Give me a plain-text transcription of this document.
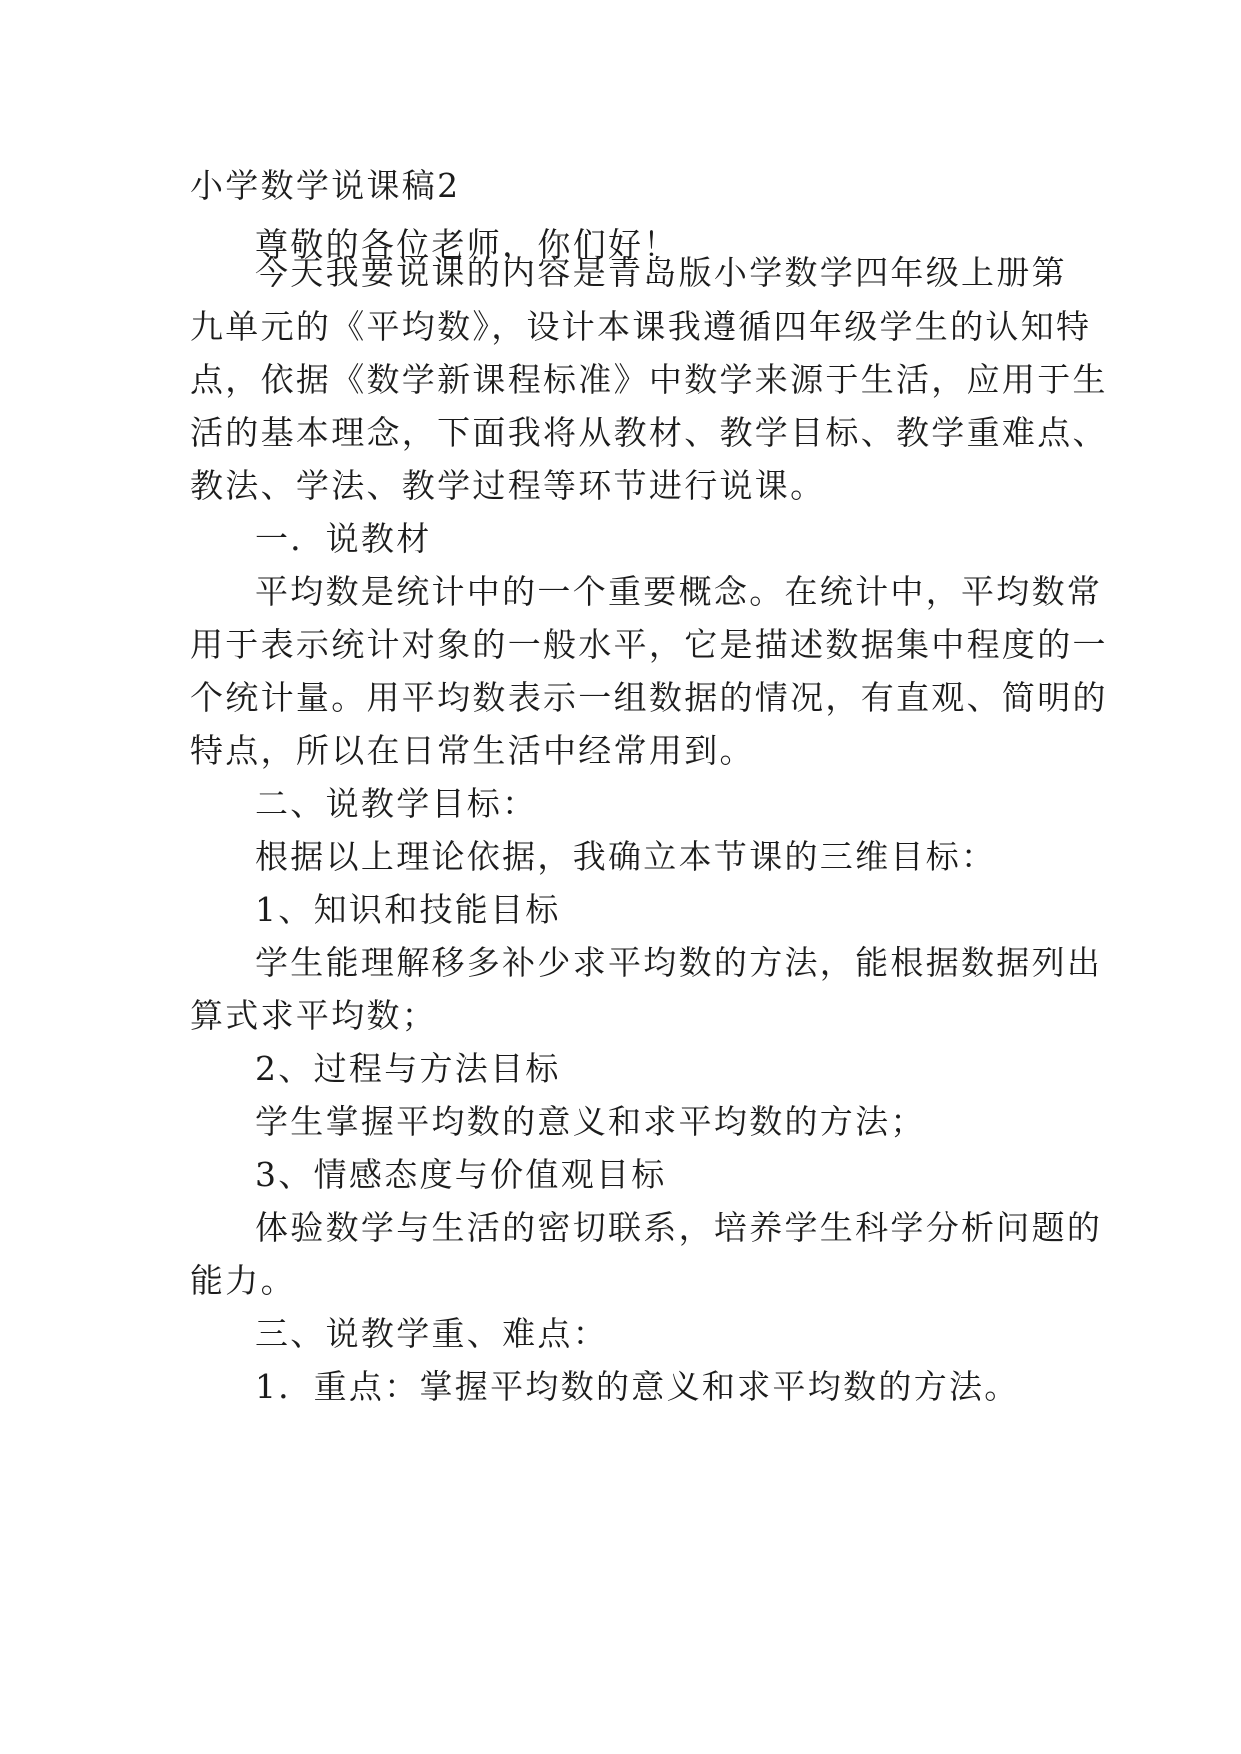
小学数学说课稿2

尊敬的各位老师，你们好！

今天我要说课的内容是青岛版小学数学四年级上册第

九单元的《平均数》，设计本课我遵循四年级学生的认知特

点，依据《数学新课程标准》中数学来源于生活，应用于生

活的基本理念，下面我将从教材、教学目标、教学重难点、

教法、学法、教学过程等环节进行说课。

一．说教材

平均数是统计中的一个重要概念。在统计中，平均数常

用于表示统计对象的一般水平，它是描述数据集中程度的一

个统计量。用平均数表示一组数据的情况，有直观、简明的

特点，所以在日常生活中经常用到。

二、说教学目标：

根据以上理论依据，我确立本节课的三维目标：

1、知识和技能目标

学生能理解移多补少求平均数的方法，能根据数据列出

算式求平均数；

2、过程与方法目标

学生掌握平均数的意义和求平均数的方法；

3、情感态度与价值观目标

体验数学与生活的密切联系，培养学生科学分析问题的

能力。

三、说教学重、难点：

1．重点：掌握平均数的意义和求平均数的方法。
